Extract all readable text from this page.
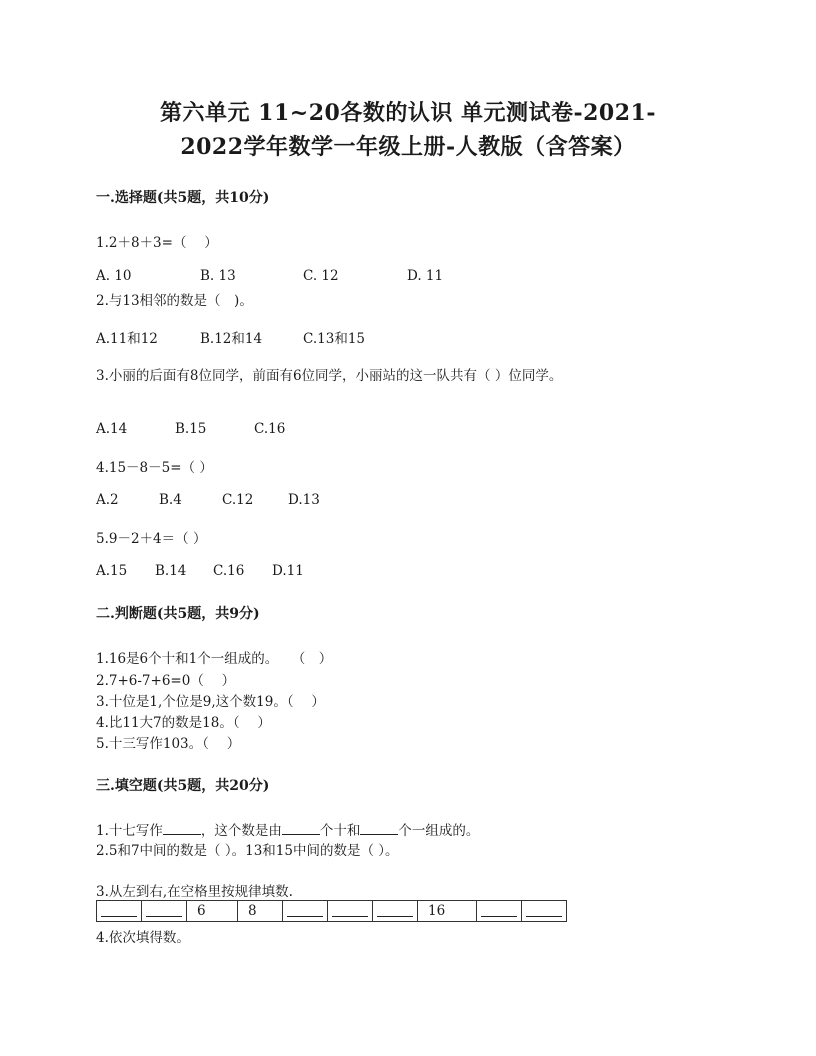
第六单元 11~20各数的认识 单元测试卷-2021-
2022学年数学一年级上册-人教版（含答案）
一.选择题(共5题，共10分)
1.2＋8＋3=（　 ）
A. 10	B. 13	C. 12	D. 11
2.与13相邻的数是（　)。
A.11和12	B.12和14	C.13和15
3.小丽的后面有8位同学，前面有6位同学，小丽站的这一队共有（ ）位同学。
A.14	B.15	C.16
4.15－8－5=（ ）
A.2	B.4	C.12	D.13
5.9－2＋4＝（ ）
A.15 B.14 C.16 D.11
二.判断题(共5题，共9分)
1.16是6个十和1个一组成的。　　（　）
2.7+6-7+6=0（　 ）
3.十位是1,个位是9,这个数19。（　 ）
4.比11大7的数是18。（　 ）
5.十三写作103。（　 ）
三.填空题(共5题，共20分)
1.十七写作	，这个数是由	个十和	个一组成的。
2.5和7中间的数是（ ）。13和15中间的数是（ ）。
3.从左到右,在空格里按规律填数.
		6	8				16		
4.依次填得数。
